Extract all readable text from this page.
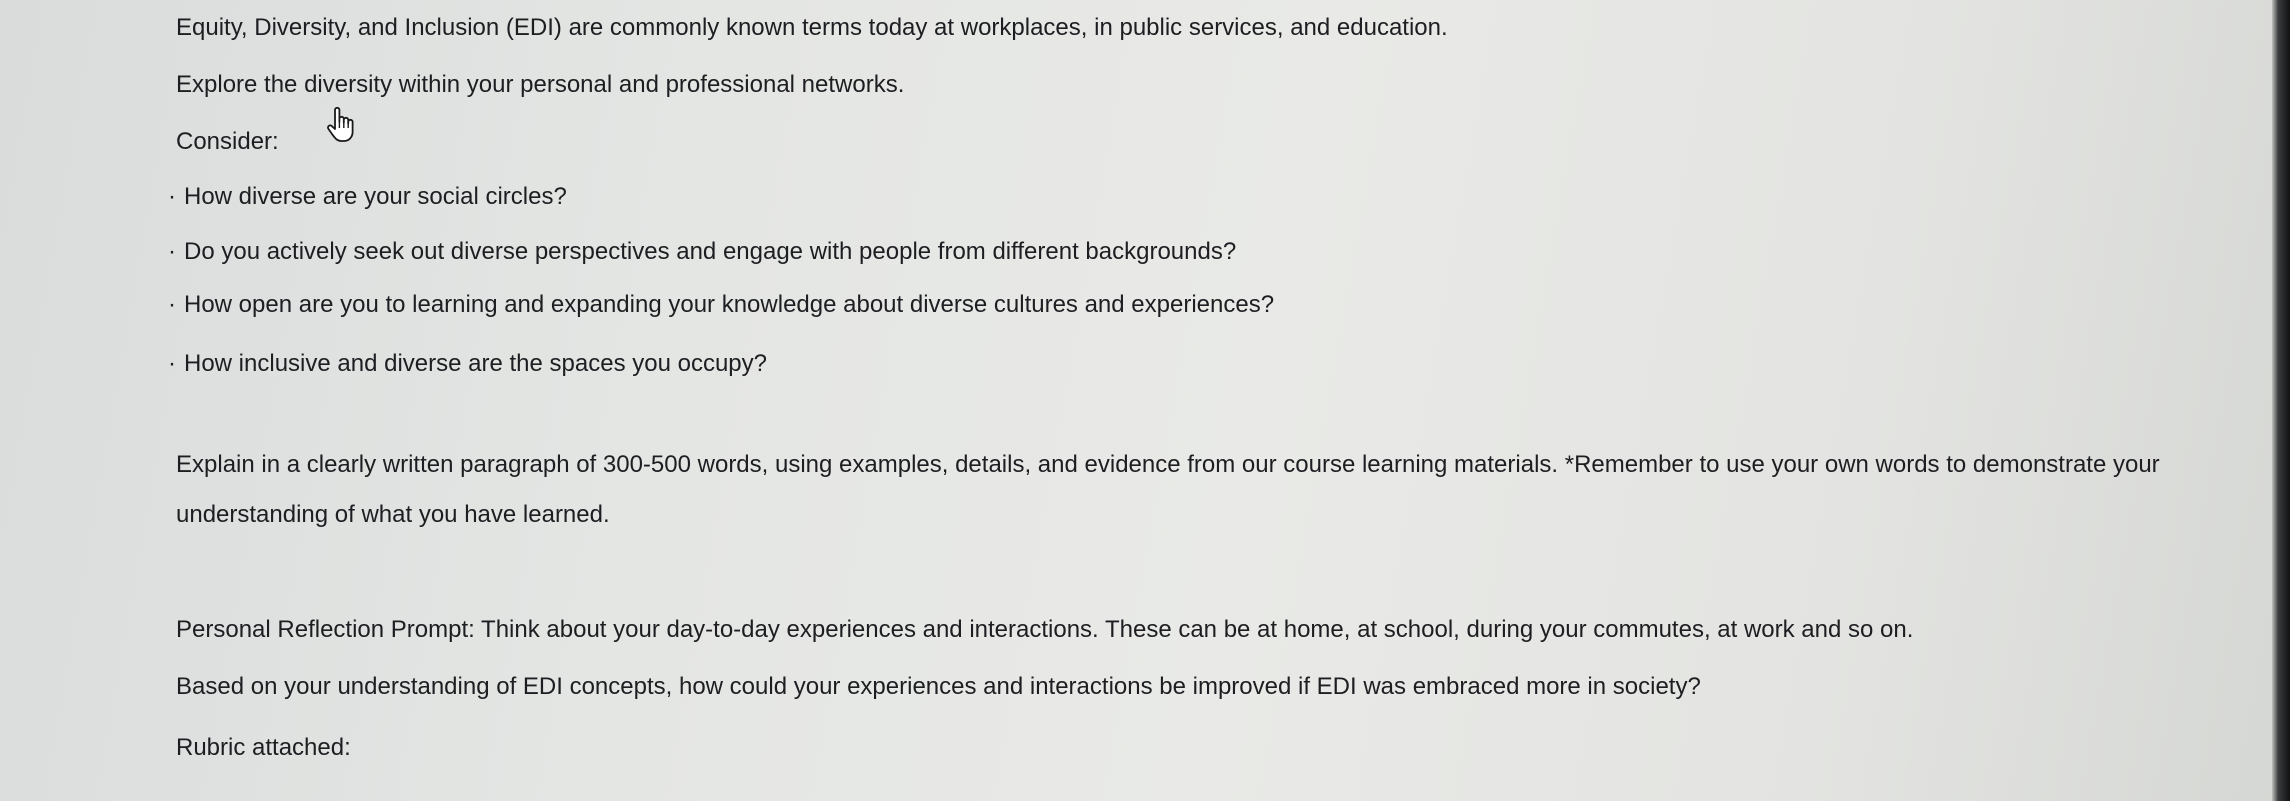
Equity, Diversity, and Inclusion (EDI) are commonly known terms today at workplaces, in public services, and education.
Explore the diversity within your personal and professional networks.
Consider:
· How diverse are your social circles?
· Do you actively seek out diverse perspectives and engage with people from different backgrounds?
· How open are you to learning and expanding your knowledge about diverse cultures and experiences?
· How inclusive and diverse are the spaces you occupy?
Explain in a clearly written paragraph of 300-500 words, using examples, details, and evidence from our course learning materials. *Remember to use your own words to demonstrate your
understanding of what you have learned.
Personal Reflection Prompt: Think about your day-to-day experiences and interactions. These can be at home, at school, during your commutes, at work and so on.
Based on your understanding of EDI concepts, how could your experiences and interactions be improved if EDI was embraced more in society?
Rubric attached:
